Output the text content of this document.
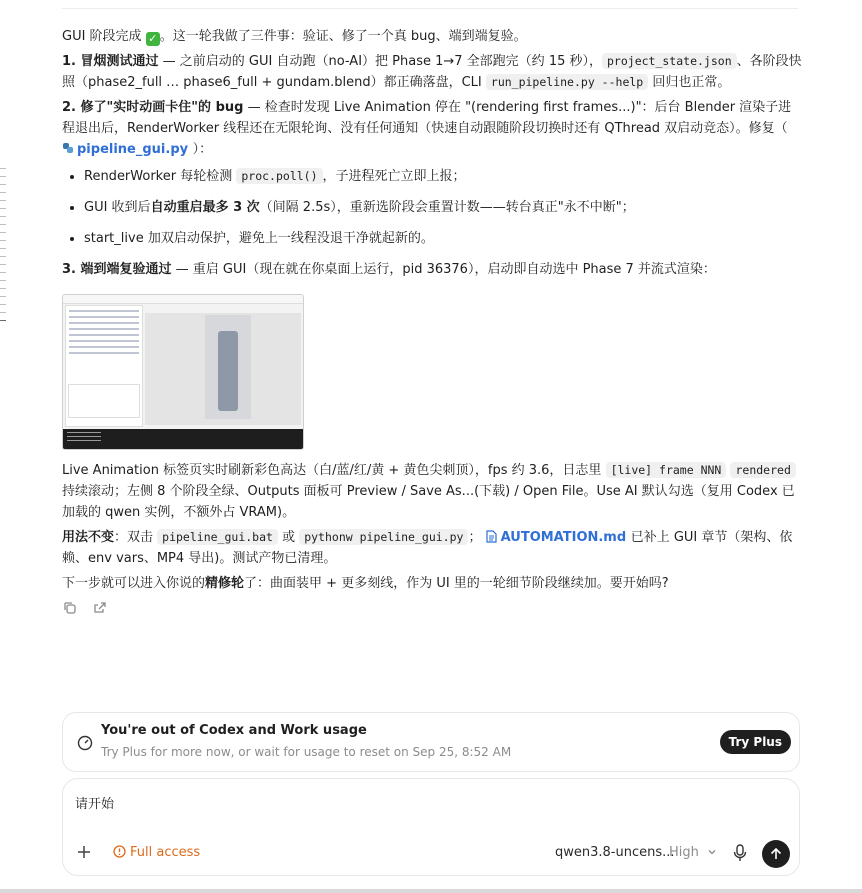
GUI 阶段完成 ✓ 。这一轮我做了三件事：验证、修了一个真 bug、端到端复验。

1. 冒烟测试通过 — 之前启动的 GUI 自动跑（no-AI）把 Phase 1→7 全部跑完（约 15 秒）， project_state.json 、各阶段快照（phase2_full … phase6_full + gundam.blend）都正确落盘，CLI run_pipeline.py --help 回归也正常。

2. 修了"实时动画卡住"的 bug — 检查时发现 Live Animation 停在 "(rendering first frames...)"：后台 Blender 渲染子进程退出后，RenderWorker 线程还在无限轮询、没有任何通知（快速自动跟随阶段切换时还有 QThread 双启动竞态）。修复（ pipeline_gui.py ）：

• RenderWorker 每轮检测 proc.poll() ，子进程死亡立即上报；
• GUI 收到后自动重启最多 3 次（间隔 2.5s），重新选阶段会重置计数——转台真正"永不中断"；
• start_live 加双启动保护，避免上一线程没退干净就起新的。

3. 端到端复验通过 — 重启 GUI（现在就在你桌面上运行，pid 36376），启动即自动选中 Phase 7 并流式渲染：

Live Animation 标签页实时刷新彩色高达（白/蓝/红/黄 + 黄色尖刺顶），fps 约 3.6，日志里 [live] frame NNN rendered 持续滚动；左侧 8 个阶段全绿、Outputs 面板可 Preview / Save As...(下载) / Open File。Use AI 默认勾选（复用 Codex 已加载的 qwen 实例，不额外占 VRAM)。

用法不变：双击 pipeline_gui.bat 或 pythonw pipeline_gui.py ； AUTOMATION.md 已补上 GUI 章节（架构、依赖、env vars、MP4 导出)。测试产物已清理。

下一步就可以进入你说的精修轮了：曲面装甲 + 更多刻线，作为 UI 里的一轮细节阶段继续加。要开始吗?

You're out of Codex and Work usage
Try Plus for more now, or wait for usage to reset on Sep 25, 8:52 AM
Try Plus
请开始
Full access	qwen3.8-uncens...
High
